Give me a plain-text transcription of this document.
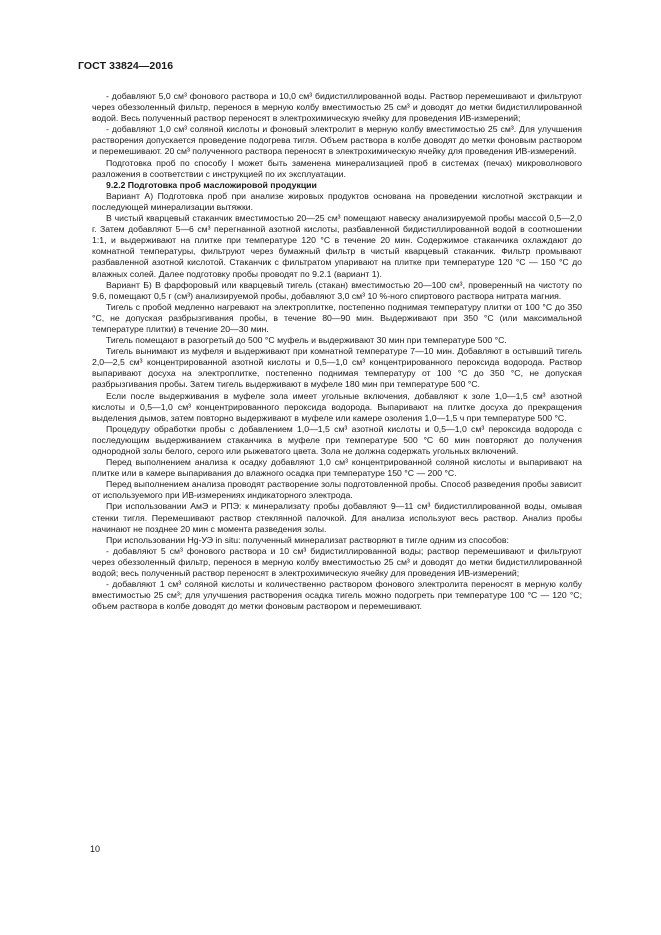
ГОСТ 33824—2016

- добавляют 5,0 см³ фонового раствора и 10,0 см³ бидистиллированной воды. Раствор перемешивают и фильтруют через обеззоленный фильтр, перенося в мерную колбу вместимостью 25 см³ и доводят до метки бидистиллированной водой. Весь полученный раствор переносят в электрохимическую ячейку для проведения ИВ-измерений;

- добавляют 1,0 см³ соляной кислоты и фоновый электролит в мерную колбу вместимостью 25 см³. Для улучшения растворения допускается проведение подогрева тигля. Объем раствора в колбе доводят до метки фоновым раствором и перемешивают. 20 см³ полученного раствора переносят в электрохимическую ячейку для проведения ИВ-измерений.

Подготовка проб по способу I может быть заменена минерализацией проб в системах (печах) микроволнового разложения в соответствии с инструкцией по их эксплуатации.

9.2.2 Подготовка проб масложировой продукции

Вариант А) Подготовка проб при анализе жировых продуктов основана на проведении кислотной экстракции и последующей минерализации вытяжки.

В чистый кварцевый стаканчик вместимостью 20—25 см³ помещают навеску анализируемой пробы массой 0,5—2,0 г. Затем добавляют 5—6 см³ перегнанной азотной кислоты, разбавленной бидистиллированной водой в соотношении 1:1, и выдерживают на плитке при температуре 120 °С в течение 20 мин. Содержимое стаканчика охлаждают до комнатной температуры, фильтруют через бумажный фильтр в чистый кварцевый стаканчик. Фильтр промывают разбавленной азотной кислотой. Стаканчик с фильтратом упаривают на плитке при температуре 120 °С — 150 °С до влажных солей. Далее подготовку пробы проводят по 9.2.1 (вариант 1).

Вариант Б) В фарфоровый или кварцевый тигель (стакан) вместимостью 20—100 см³, проверенный на чистоту по 9.6, помещают 0,5 г (см³) анализируемой пробы, добавляют 3,0 см³ 10 %-ного спиртового раствора нитрата магния.

Тигель с пробой медленно нагревают на электроплитке, постепенно поднимая температуру плитки от 100 °С до 350 °С, не допуская разбрызгивания пробы, в течение 80—90 мин. Выдерживают при 350 °С (или максимальной температуре плитки) в течение 20—30 мин.

Тигель помещают в разогретый до 500 °С муфель и выдерживают 30 мин при температуре 500 °С.

Тигель вынимают из муфеля и выдерживают при комнатной температуре 7—10 мин. Добавляют в остывший тигель 2,0—2,5 см³ концентрированной азотной кислоты и 0,5—1,0 см³ концентрированного пероксида водорода. Раствор выпаривают досуха на электроплитке, постепенно поднимая температуру от 100 °С до 350 °С, не допуская разбрызгивания пробы. Затем тигель выдерживают в муфеле 180 мин при температуре 500 °С.

Если после выдерживания в муфеле зола имеет угольные включения, добавляют к золе 1,0—1,5 см³ азотной кислоты и 0,5—1,0 см³ концентрированного пероксида водорода. Выпаривают на плитке досуха до прекращения выделения дымов, затем повторно выдерживают в муфеле или камере озоления 1,0—1,5 ч при температуре 500 °С.

Процедуру обработки пробы с добавлением 1,0—1,5 см³ азотной кислоты и 0,5—1,0 см³ пероксида водорода с последующим выдерживанием стаканчика в муфеле при температуре 500 °С 60 мин повторяют до получения однородной золы белого, серого или рыжеватого цвета. Зола не должна содержать угольных включений.

Перед выполнением анализа к осадку добавляют 1,0 см³ концентрированной соляной кислоты и выпаривают на плитке или в камере выпаривания до влажного осадка при температуре 150 °С — 200 °С.

Перед выполнением анализа проводят растворение золы подготовленной пробы. Способ разведения пробы зависит от используемого при ИВ-измерениях индикаторного электрода.

При использовании АмЭ и РПЭ: к минерализату пробы добавляют 9—11 см³ бидистиллированной воды, омывая стенки тигля. Перемешивают раствор стеклянной палочкой. Для анализа используют весь раствор. Анализ пробы начинают не позднее 20 мин с момента разведения золы.

При использовании Hg-УЭ in situ: полученный минерализат растворяют в тигле одним из способов:

- добавляют 5 см³ фонового раствора и 10 см³ бидистиллированной воды; раствор перемешивают и фильтруют через обеззоленный фильтр, перенося в мерную колбу вместимостью 25 см³ и доводят до метки бидистиллированной водой; весь полученный раствор переносят в электрохимическую ячейку для проведения ИВ-измерений;

- добавляют 1 см³ соляной кислоты и количественно раствором фонового электролита переносят в мерную колбу вместимостью 25 см³; для улучшения растворения осадка тигель можно подогреть при температуре 100 °С — 120 °С; объем раствора в колбе доводят до метки фоновым раствором и перемешивают.

10
